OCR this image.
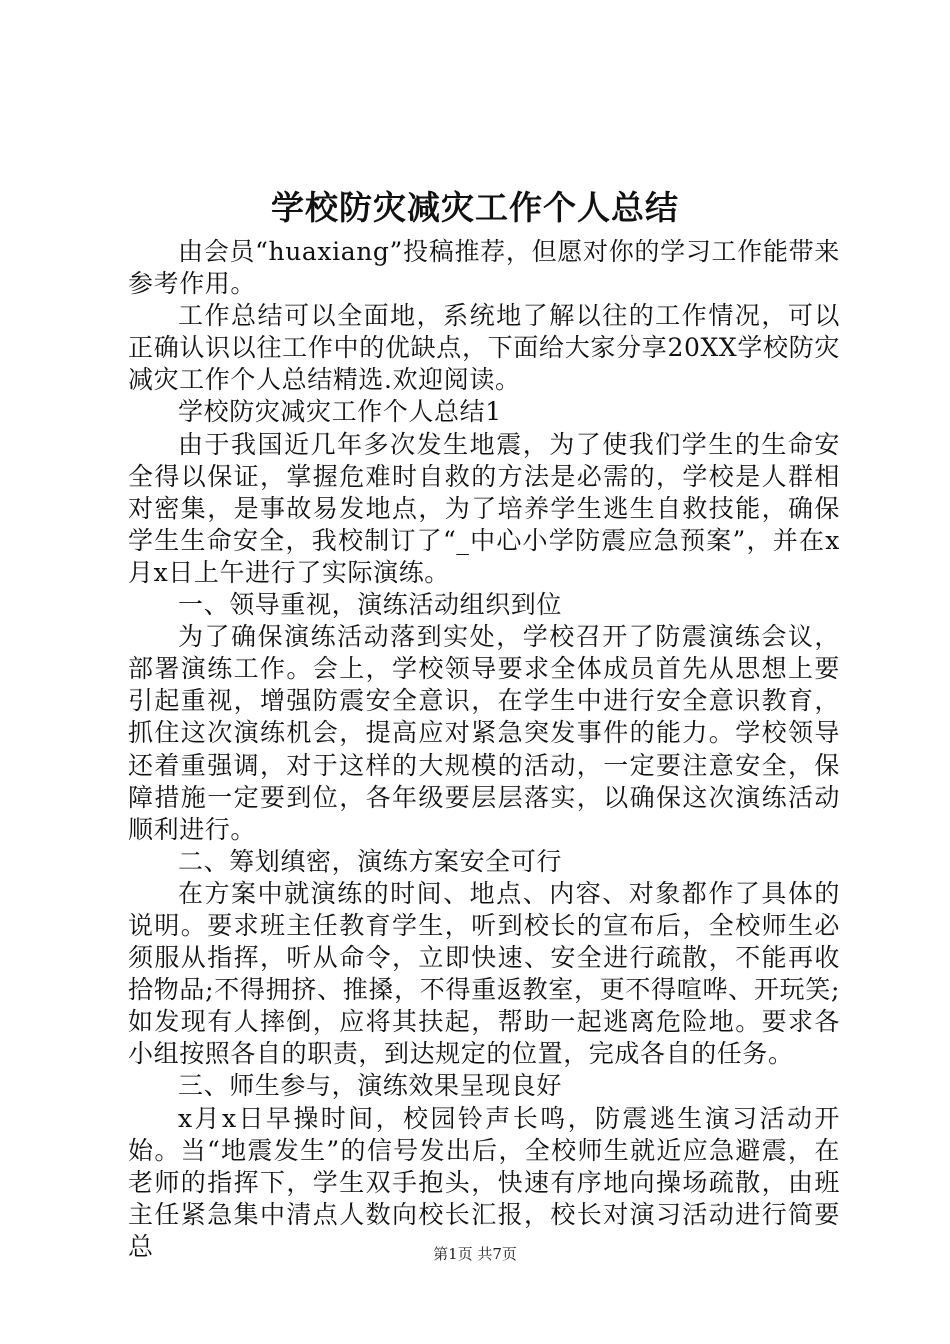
学校防灾减灾工作个人总结

由会员“huaxiang”投稿推荐，但愿对你的学习工作能带来参考作用。

工作总结可以全面地，系统地了解以往的工作情况，可以正确认识以往工作中的优缺点，下面给大家分享20XX学校防灾减灾工作个人总结精选.欢迎阅读。

学校防灾减灾工作个人总结1

由于我国近几年多次发生地震，为了使我们学生的生命安全得以保证，掌握危难时自救的方法是必需的，学校是人群相对密集，是事故易发地点，为了培养学生逃生自救技能，确保学生生命安全，我校制订了“_中心小学防震应急预案”，并在x月x日上午进行了实际演练。

一、领导重视，演练活动组织到位

为了确保演练活动落到实处，学校召开了防震演练会议，部署演练工作。会上，学校领导要求全体成员首先从思想上要引起重视，增强防震安全意识，在学生中进行安全意识教育，抓住这次演练机会，提高应对紧急突发事件的能力。学校领导还着重强调，对于这样的大规模的活动，一定要注意安全，保障措施一定要到位，各年级要层层落实，以确保这次演练活动顺利进行。

二、筹划缜密，演练方案安全可行

在方案中就演练的时间、地点、内容、对象都作了具体的说明。要求班主任教育学生，听到校长的宣布后，全校师生必须服从指挥，听从命令，立即快速、安全进行疏散，不能再收拾物品;不得拥挤、推搡，不得重返教室，更不得喧哗、开玩笑;如发现有人摔倒，应将其扶起，帮助一起逃离危险地。要求各小组按照各自的职责，到达规定的位置，完成各自的任务。

三、师生参与，演练效果呈现良好

x月x日早操时间，校园铃声长鸣，防震逃生演习活动开始。当“地震发生”的信号发出后，全校师生就近应急避震，在老师的指挥下，学生双手抱头，快速有序地向操场疏散，由班主任紧急集中清点人数向校长汇报，校长对演习活动进行简要总	第1页 共7页
